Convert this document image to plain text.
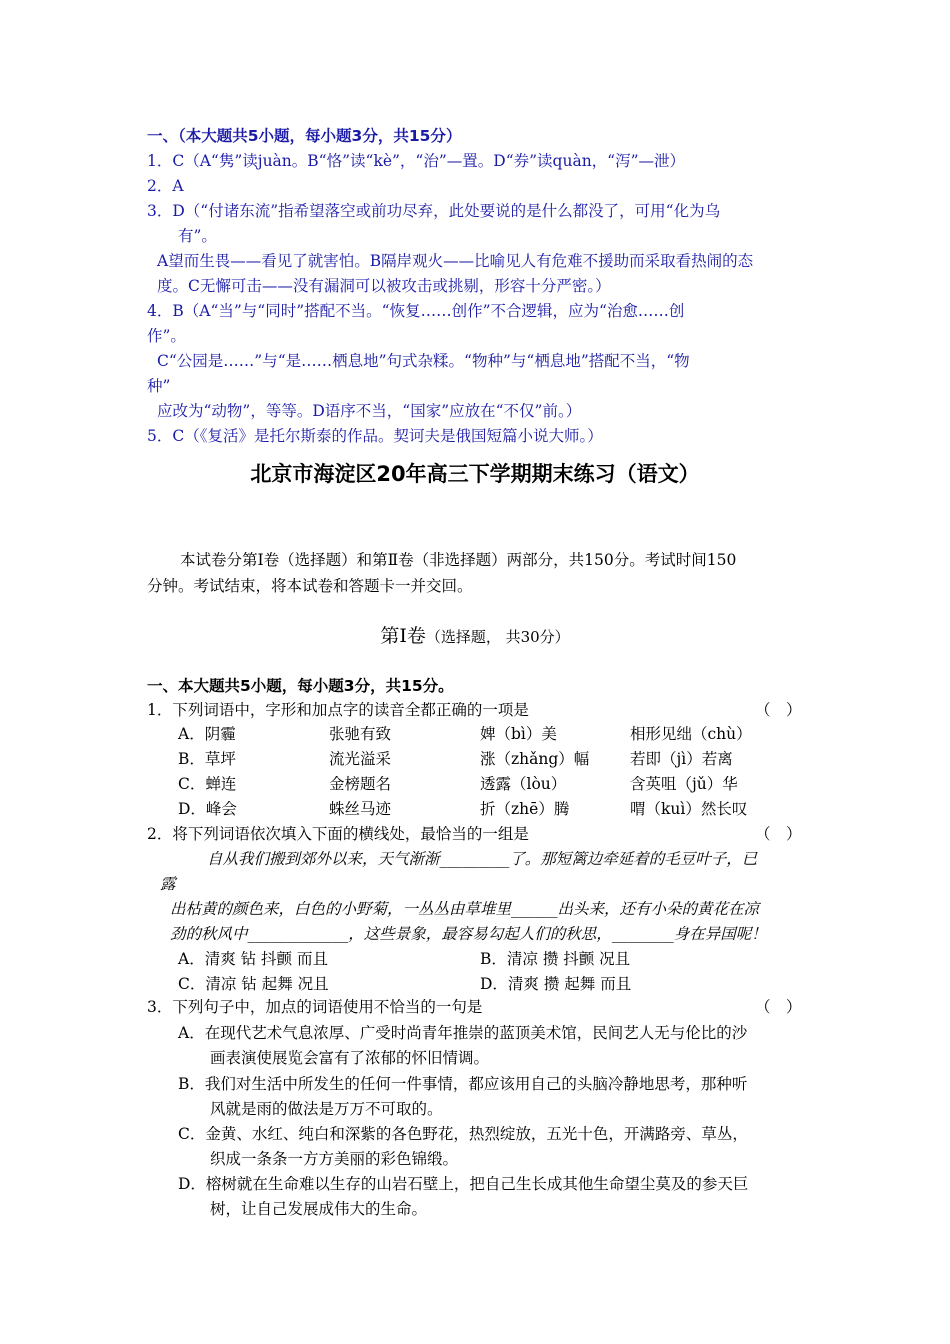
一、（本大题共5小题，每小题3分，共15分）
1．C（A“隽”读juàn。B“恪”读“kè”，“治”—置。D“券”读quàn，“泻”—泄）
2．A
3．D（“付诸东流”指希望落空或前功尽弃，此处要说的是什么都没了，可用“化为乌
有”。
A望而生畏——看见了就害怕。B隔岸观火——比喻见人有危难不援助而采取看热闹的态
度。C无懈可击——没有漏洞可以被攻击或挑剔，形容十分严密。）
4．B（A“当”与“同时”搭配不当。“恢复……创作”不合逻辑，应为“治愈……创
作”。
C“公园是……”与“是……栖息地”句式杂糅。“物种”与“栖息地”搭配不当，“物
种”
应改为“动物”，等等。D语序不当，“国家”应放在“不仅”前。）
5．C（《复活》是托尔斯泰的作品。契诃夫是俄国短篇小说大师。）
北京市海淀区20年高三下学期期末练习（语文）
本试卷分第Ⅰ卷（选择题）和第Ⅱ卷（非选择题）两部分，共150分。考试时间150
分钟。考试结束，将本试卷和答题卡一并交回。
第Ⅰ卷（选择题， 共30分）
一、本大题共5小题，每小题3分，共15分。
1．下列词语中，字形和加点字的读音全都正确的一项是	（　）
A．阴霾	张驰有致	婢（bì）美	相形见绌（chù）
B．草坪	流光溢采	涨（zhǎng）幅	若即（jì）若离
C．蝉连	金榜题名	透露（lòu）	含英咀（jǔ）华
D．峰会	蛛丝马迹	折（zhē）腾	喟（kuì）然长叹
2．将下列词语依次填入下面的横线处，最恰当的一组是	（　）
自从我们搬到郊外以来，天气渐渐_________了。那短篱边牵延着的毛豆叶子，已
露
出枯黄的颜色来，白色的小野菊，一丛丛由草堆里______出头来，还有小朵的黄花在凉
劲的秋风中_____________，这些景象，最容易勾起人们的秋思，________身在异国呢！
A．清爽 钻 抖颤 而且	B．清凉 攒 抖颤 况且
C．清凉 钻 起舞 况且	D．清爽 攒 起舞 而且
3．下列句子中，加点的词语使用不恰当的一句是	（　）
A．在现代艺术气息浓厚、广受时尚青年推崇的蓝顶美术馆，民间艺人无与伦比的沙
画表演使展览会富有了浓郁的怀旧情调。
B．我们对生活中所发生的任何一件事情，都应该用自己的头脑冷静地思考，那种听
风就是雨的做法是万万不可取的。
C．金黄、水红、纯白和深紫的各色野花，热烈绽放，五光十色，开满路旁、草丛，
织成一条条一方方美丽的彩色锦缎。
D．榕树就在生命难以生存的山岩石壁上，把自己生长成其他生命望尘莫及的参天巨
树，让自己发展成伟大的生命。
